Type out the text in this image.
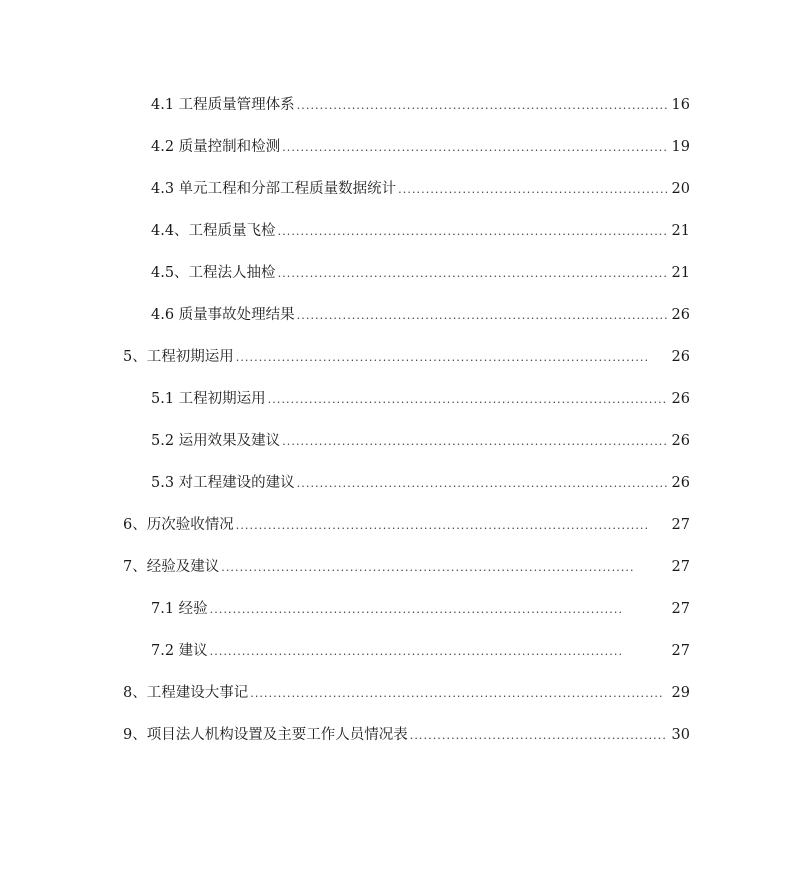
4.1 工程质量管理体系 . . .	16
4.2 质量控制和检测 . . .	19
4.3 单元工程和分部工程质量数据统计 . . .	20
4.4、工程质量飞检 . . .	21
4.5、工程法人抽检 . . .	21
4.6 质量事故处理结果 . . .	26
5、工程初期运用 . . .	26
5.1 工程初期运用 . . .	26
5.2 运用效果及建议 . . .	26
5.3 对工程建设的建议 . . .	26
6、历次验收情况 . . .	27
7、经验及建议 . . .	27
7.1 经验 . . .	27
7.2 建议 . . .	27
8、工程建设大事记 . . .	29
9、项目法人机构设置及主要工作人员情况表 . . .	30
